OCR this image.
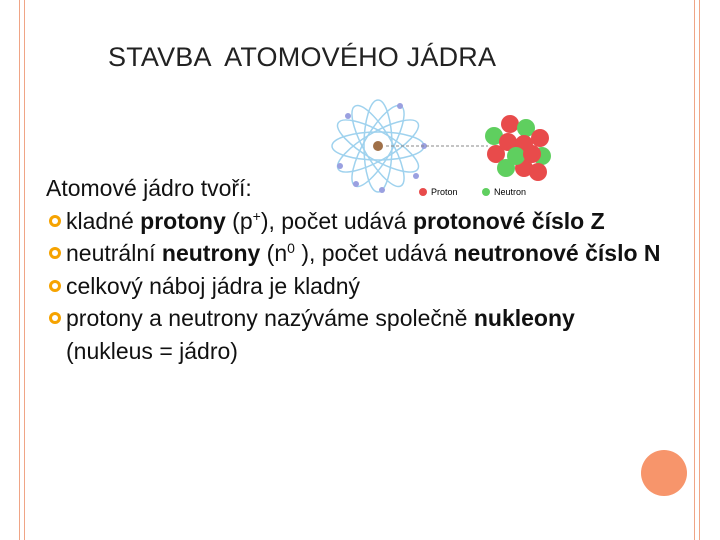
STAVBA  ATOMOVÉHO JÁDRA
Proton	Neutron

Atomové jádro tvoří:

kladné protony (p+), počet udává protonové číslo Z
neutrální neutrony ($n^0$ ), počet udává neutronové číslo N
celkový náboj jádra je kladný
protony a neutrony nazýváme společně nukleony (nukleus = jádro)
